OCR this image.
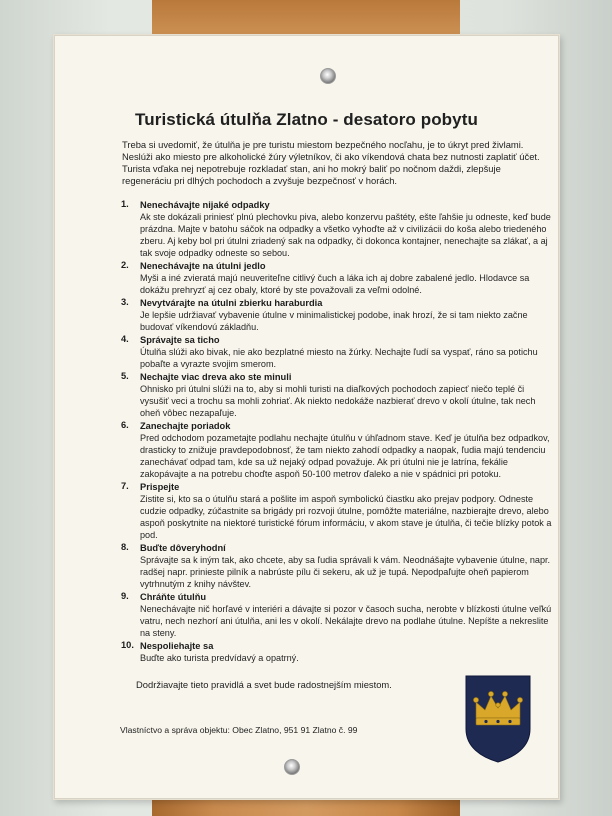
Turistická útulňa Zlatno - desatoro pobytu
Treba si uvedomiť, že útulňa je pre turistu miestom bezpečného nocľahu, je to úkryt pred živlami. Neslúži ako miesto pre alkoholické žúry výletníkov, či ako víkendová chata bez nutnosti zaplatiť účet. Turista vďaka nej nepotrebuje rozkladať stan, ani ho mokrý baliť po nočnom daždi, zlepšuje regeneráciu pri dlhých pochodoch a zvyšuje bezpečnosť v horách.
1. Nenechávajte nijaké odpadky
Ak ste dokázali priniesť plnú plechovku piva, alebo konzervu paštéty, ešte ľahšie ju odneste, keď bude prázdna. Majte v batohu sáčok na odpadky a všetko vyhoďte až v civilizácii do koša alebo triedeného zberu. Aj keby bol pri útulni zriadený sak na odpadky, či dokonca kontajner, nenechajte sa zlákať, a aj tak svoje odpadky odneste so sebou.
2. Nenechávajte na útulni jedlo
Myši a iné zvieratá majú neuveriteľne citlivý čuch a láka ich aj dobre zabalené jedlo. Hlodavce sa dokážu prehryzť aj cez obaly, ktoré by ste považovali za veľmi odolné.
3. Nevytvárajte na útulni zbierku haraburdia
Je lepšie udržiavať vybavenie útulne v minimalistickej podobe, inak hrozí, že si tam niekto začne budovať víkendovú základňu.
4. Správajte sa ticho
Útulňa slúži ako bivak, nie ako bezplatné miesto na žúrky. Nechajte ľudí sa vyspať, ráno sa potichu pobaľte a vyrazte svojim smerom.
5. Nechajte viac dreva ako ste minuli
Ohnisko pri útulni slúži na to, aby si mohli turisti na diaľkových pochodoch zapiecť niečo teplé či vysušiť veci a trochu sa mohli zohriať. Ak niekto nedokáže nazbierať drevo v okolí útulne, tak nech oheň vôbec nezapaľuje.
6. Zanechajte poriadok
Pred odchodom pozametajte podlahu nechajte útulňu v úhľadnom stave. Keď je útulňa bez odpadkov, drasticky to znižuje pravdepodobnosť, že tam niekto zahodí odpadky a naopak, ľudia majú tendenciu zanechávať odpad tam, kde sa už nejaký odpad považuje. Ak pri útulni nie je latrína, fekálie zakopávajte a na potrebu choďte aspoň 50-100 metrov ďaleko a nie v spádnici pri potoku.
7. Prispejte
Zistite si, kto sa o útulňu stará a pošlite im aspoň symbolickú čiastku ako prejav podpory. Odneste cudzie odpadky, zúčastnite sa brigády pri rozvoji útulne, pomôžte materiálne, nazbierajte drevo, alebo aspoň poskytnite na niektoré turistické fórum informáciu, v akom stave je útulňa, či tečie blízky potok a pod.
8. Buďte dôveryhodní
Správajte sa k iným tak, ako chcete, aby sa ľudia správali k vám. Neodnášajte vybavenie útulne, napr. radšej napr. prinieste pilník a nabrúste pílu či sekeru, ak už je tupá. Nepodpaľujte oheň papierom vytrhnutým z knihy návštev.
9. Chráňte útulňu
Nenechávajte nič horľavé v interiéri a dávajte si pozor v časoch sucha, nerobte v blízkosti útulne veľkú vatru, nech nezhorí ani útulňa, ani les v okolí. Nekálajte drevo na podlahe útulne. Nepíšte a nekreslite na steny.
10. Nespoliehajte sa
Buďte ako turista predvídavý a opatrný.
Dodržiavajte tieto pravidlá a svet bude radostnejším miestom.
Vlastníctvo a správa objektu: Obec Zlatno, 951 91 Zlatno č. 99
